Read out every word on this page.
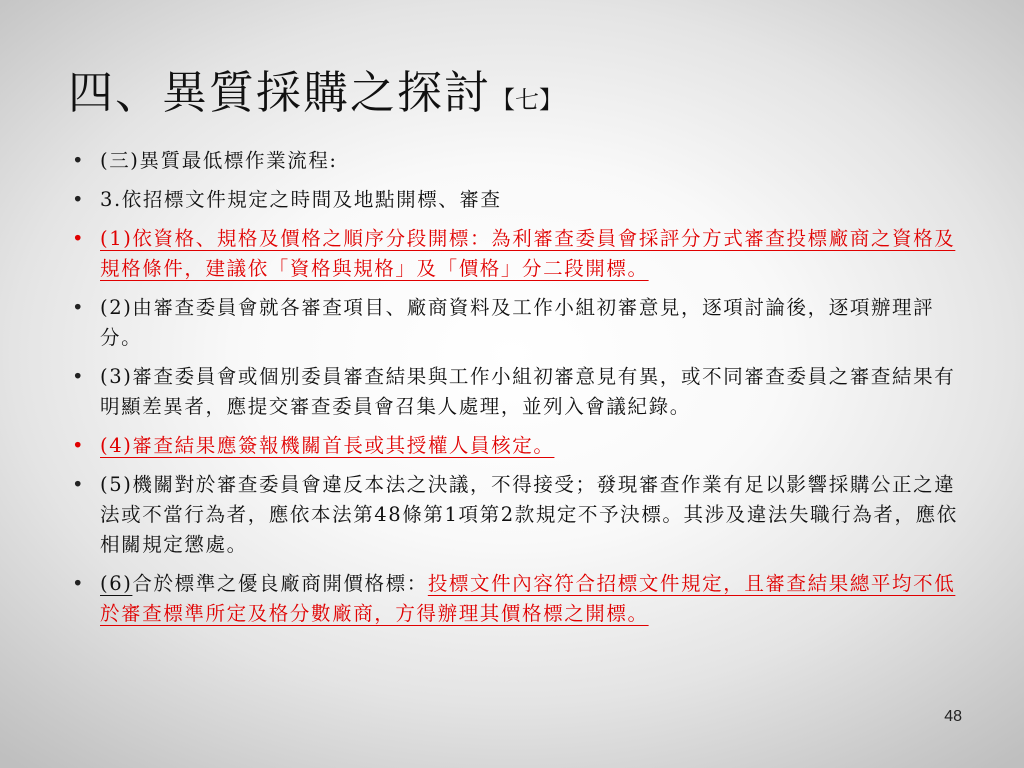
四、異質採購之探討【七】
• (三)異質最低標作業流程:
• 3.依招標文件規定之時間及地點開標、審查
• (1)依資格、規格及價格之順序分段開標：為利審查委員會採評分方式審查投標廠商之資格及規格條件，建議依「資格與規格」及「價格」分二段開標。
• (2)由審查委員會就各審查項目、廠商資料及工作小組初審意見，逐項討論後，逐項辦理評分。
• (3)審查委員會或個別委員審查結果與工作小組初審意見有異，或不同審查委員之審查結果有明顯差異者，應提交審查委員會召集人處理，並列入會議紀錄。
• (4)審查結果應簽報機關首長或其授權人員核定。
• (5)機關對於審查委員會違反本法之決議，不得接受；發現審查作業有足以影響採購公正之違法或不當行為者，應依本法第48條第1項第2款規定不予決標。其涉及違法失職行為者，應依相關規定懲處。
• (6)合於標準之優良廠商開價格標：投標文件內容符合招標文件規定，且審查結果總平均不低於審查標準所定及格分數廠商，方得辦理其價格標之開標。
48
